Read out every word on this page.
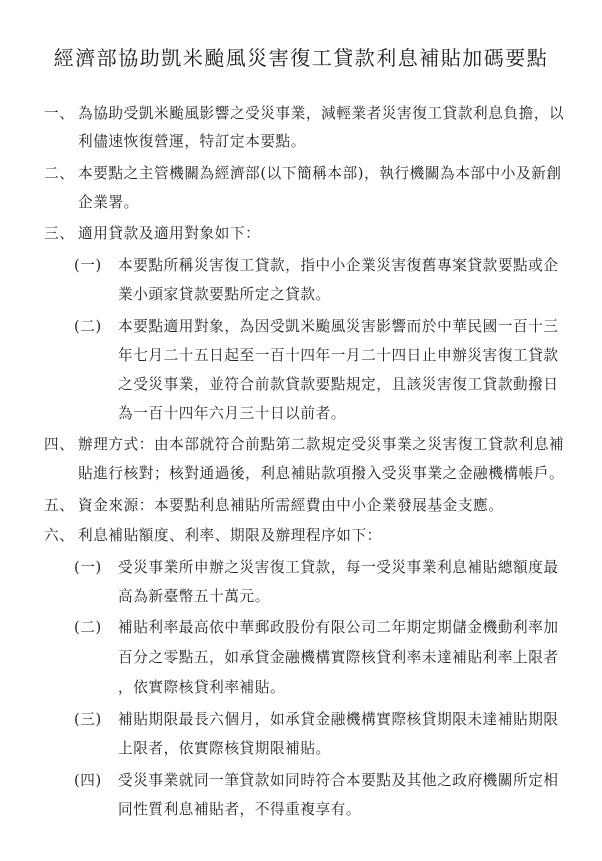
經濟部協助凱米颱風災害復工貸款利息補貼加碼要點
一、 為協助受凱米颱風影響之受災事業，減輕業者災害復工貸款利息負擔，以
利儘速恢復營運，特訂定本要點。
二、 本要點之主管機關為經濟部(以下簡稱本部)，執行機關為本部中小及新創
企業署。
三、 適用貸款及適用對象如下：
(一) 本要點所稱災害復工貸款，指中小企業災害復舊專案貸款要點或企
業小頭家貸款要點所定之貸款。
(二) 本要點適用對象，為因受凱米颱風災害影響而於中華民國一百十三
年七月二十五日起至一百十四年一月二十四日止申辦災害復工貸款
之受災事業，並符合前款貸款要點規定，且該災害復工貸款動撥日
為一百十四年六月三十日以前者。
四、 辦理方式：由本部就符合前點第二款規定受災事業之災害復工貸款利息補
貼進行核對；核對通過後，利息補貼款項撥入受災事業之金融機構帳戶。
五、 資金來源：本要點利息補貼所需經費由中小企業發展基金支應。
六、 利息補貼額度、利率、期限及辦理程序如下：
(一) 受災事業所申辦之災害復工貸款，每一受災事業利息補貼總額度最
高為新臺幣五十萬元。
(二) 補貼利率最高依中華郵政股份有限公司二年期定期儲金機動利率加
百分之零點五，如承貸金融機構實際核貸利率未達補貼利率上限者
，依實際核貸利率補貼。
(三) 補貼期限最長六個月，如承貸金融機構實際核貸期限未達補貼期限
上限者，依實際核貸期限補貼。
(四) 受災事業就同一筆貸款如同時符合本要點及其他之政府機關所定相
同性質利息補貼者，不得重複享有。
